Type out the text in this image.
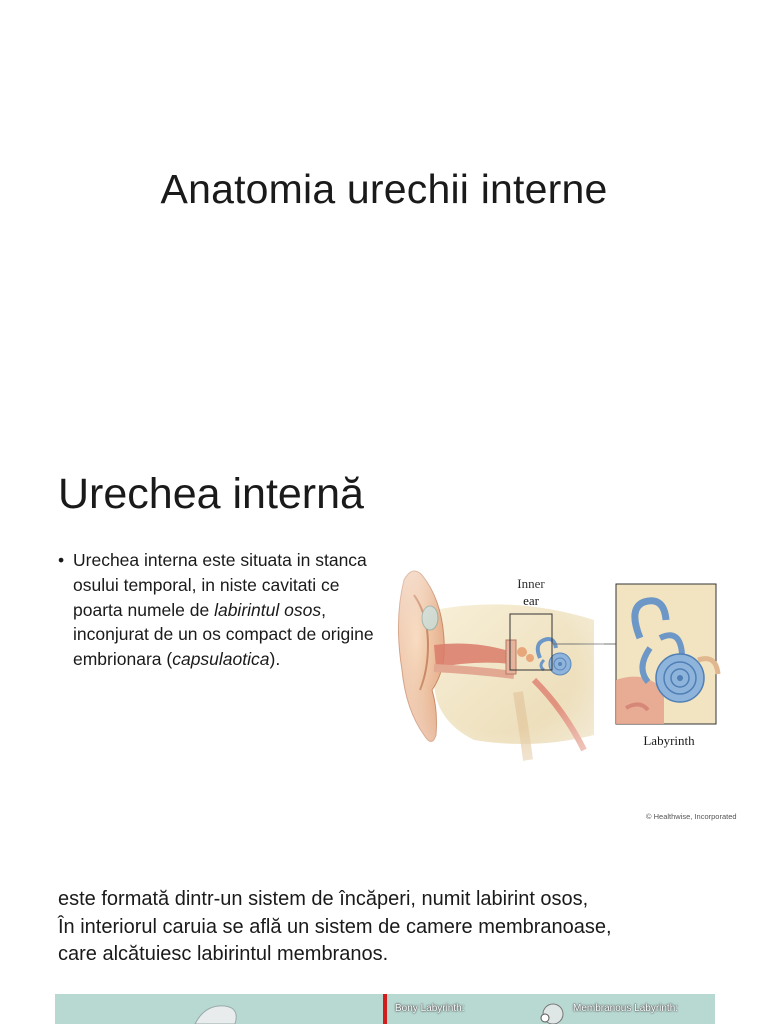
Anatomia urechii interne
Urechea internă
• Urechea interna este situata in stanca osului temporal, in niste cavitati ce poarta numele de labirintul osos, inconjurat de un os compact de origine embrionara (capsulaotica).
Inner
ear
Labyrinth
© Healthwise, Incorporated
este formată dintr-un sistem de încăperi, numit labirint osos,
În interiorul caruia se află un sistem de camere membranoase,
care alcătuiesc labirintul membranos.
Bony Labyrinth:	Membranous Labyrinth:
